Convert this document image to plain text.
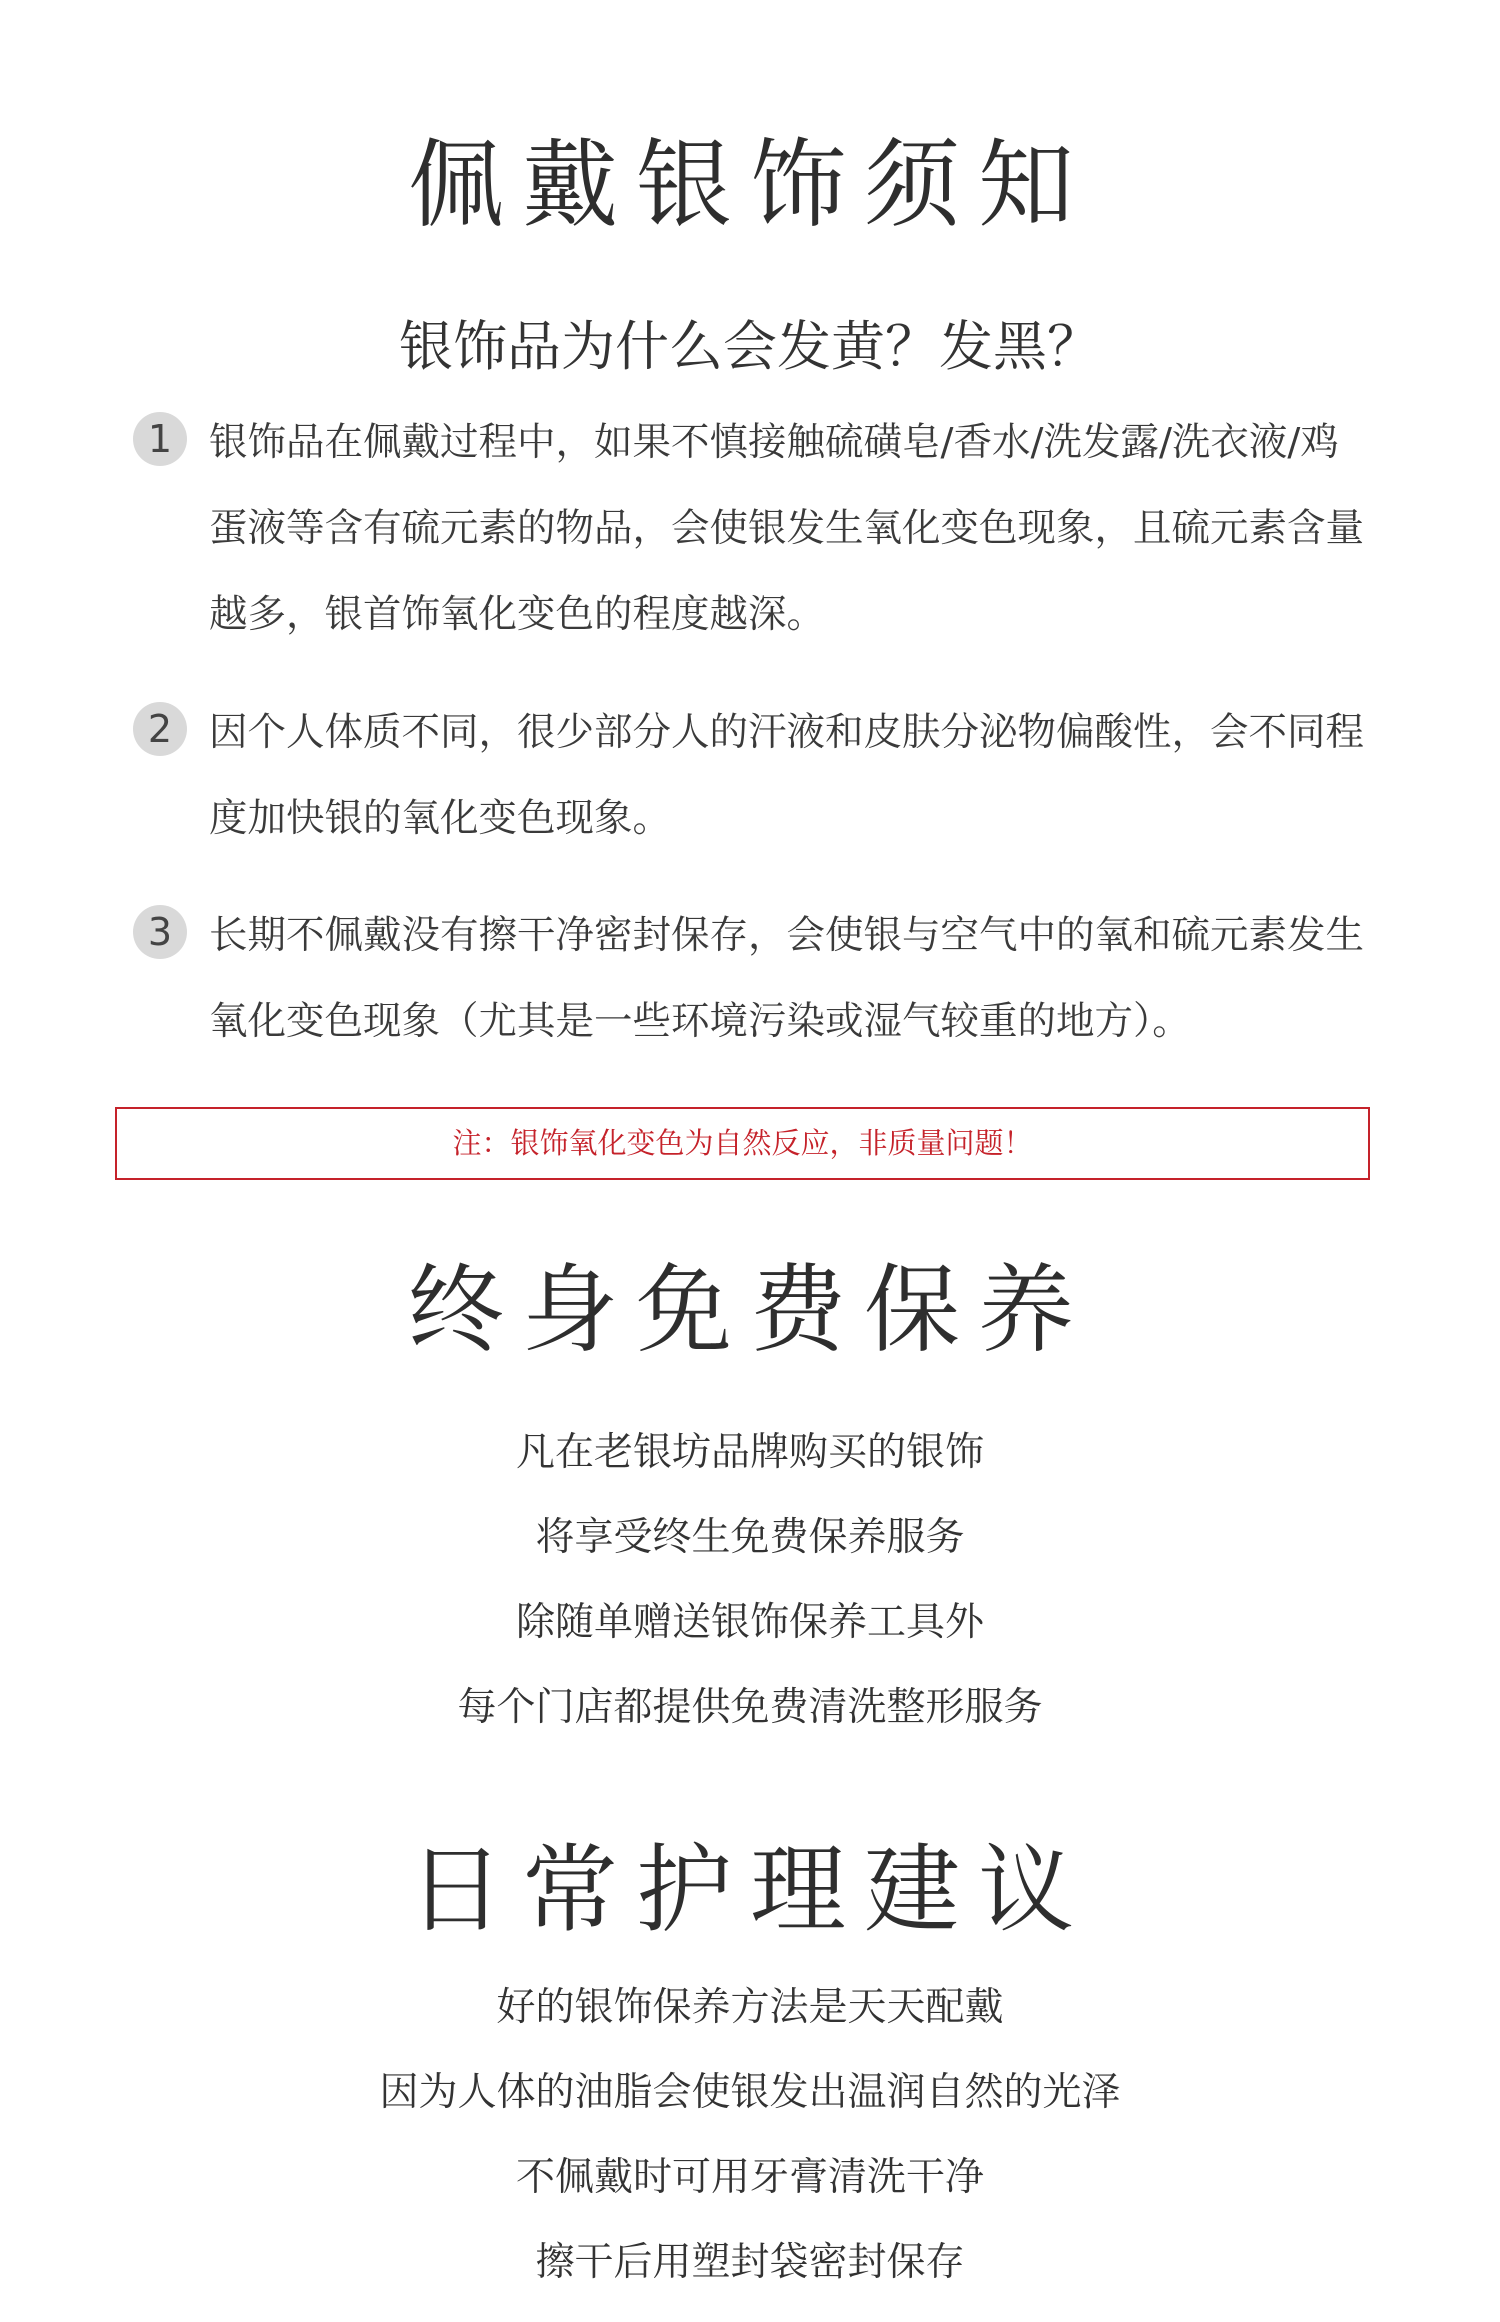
佩戴银饰须知
银饰品为什么会发黄？发黑？
1 银饰品在佩戴过程中，如果不慎接触硫磺皂/香水/洗发露/洗衣液/鸡蛋液等含有硫元素的物品，会使银发生氧化变色现象，且硫元素含量越多，银首饰氧化变色的程度越深。
2 因个人体质不同，很少部分人的汗液和皮肤分泌物偏酸性，会不同程度加快银的氧化变色现象。
3 长期不佩戴没有擦干净密封保存，会使银与空气中的氧和硫元素发生氧化变色现象（尤其是一些环境污染或湿气较重的地方）。
注：银饰氧化变色为自然反应，非质量问题！
终身免费保养
凡在老银坊品牌购买的银饰
将享受终生免费保养服务
除随单赠送银饰保养工具外
每个门店都提供免费清洗整形服务
日常护理建议
好的银饰保养方法是天天配戴
因为人体的油脂会使银发出温润自然的光泽
不佩戴时可用牙膏清洗干净
擦干后用塑封袋密封保存
